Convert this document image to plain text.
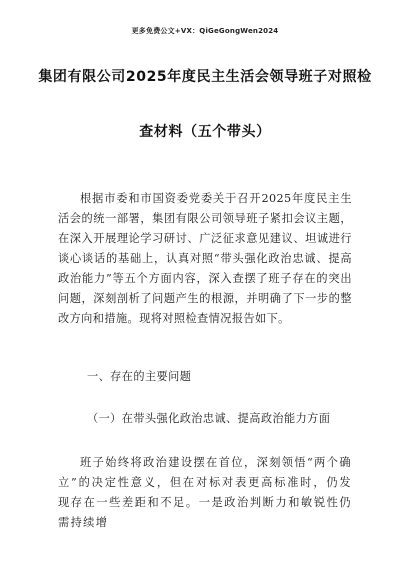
更多免费公文+VX：QiGeGongWen2024
集团有限公司2025年度民主生活会领导班子对照检
查材料（五个带头）
根据市委和市国资委党委关于召开2025年度民主生活会的统一部署，集团有限公司领导班子紧扣会议主题，在深入开展理论学习研讨、广泛征求意见建议、坦诚进行谈心谈话的基础上，认真对照“带头强化政治忠诚、提高政治能力”等五个方面内容，深入查摆了班子存在的突出问题，深刻剖析了问题产生的根源，并明确了下一步的整改方向和措施。现将对照检查情况报告如下。
一、存在的主要问题
（一）在带头强化政治忠诚、提高政治能力方面
班子始终将政治建设摆在首位，深刻领悟“两个确立”的决定性意义，但在对标对表更高标准时，仍发现存在一些差距和不足。一是政治判断力和敏锐性仍需持续增
